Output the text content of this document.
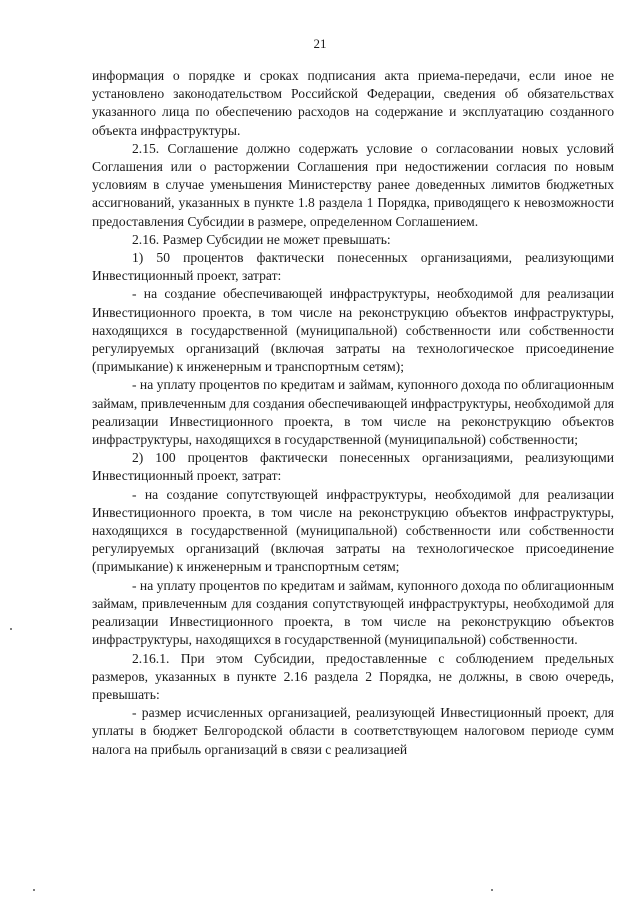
21

информация о порядке и сроках подписания акта приема-передачи, если иное не установлено законодательством Российской Федерации, сведения об обязательствах указанного лица по обеспечению расходов на содержание и эксплуатацию созданного объекта инфраструктуры.

2.15. Соглашение должно содержать условие о согласовании новых условий Соглашения или о расторжении Соглашения при недостижении согласия по новым условиям в случае уменьшения Министерству ранее доведенных лимитов бюджетных ассигнований, указанных в пункте 1.8 раздела 1 Порядка, приводящего к невозможности предоставления Субсидии в размере, определенном Соглашением.

2.16. Размер Субсидии не может превышать:

1) 50 процентов фактически понесенных организациями, реализующими Инвестиционный проект, затрат:

- на создание обеспечивающей инфраструктуры, необходимой для реализации Инвестиционного проекта, в том числе на реконструкцию объектов инфраструктуры, находящихся в государственной (муниципальной) собственности или собственности регулируемых организаций (включая затраты на технологическое присоединение (примыкание) к инженерным и транспортным сетям);

- на уплату процентов по кредитам и займам, купонного дохода по облигационным займам, привлеченным для создания обеспечивающей инфраструктуры, необходимой для реализации Инвестиционного проекта, в том числе на реконструкцию объектов инфраструктуры, находящихся в государственной (муниципальной) собственности;

2) 100 процентов фактически понесенных организациями, реализующими Инвестиционный проект, затрат:

- на создание сопутствующей инфраструктуры, необходимой для реализации Инвестиционного проекта, в том числе на реконструкцию объектов инфраструктуры, находящихся в государственной (муниципальной) собственности или собственности регулируемых организаций (включая затраты на технологическое присоединение (примыкание) к инженерным и транспортным сетям;

- на уплату процентов по кредитам и займам, купонного дохода по облигационным займам, привлеченным для создания сопутствующей инфраструктуры, необходимой для реализации Инвестиционного проекта, в том числе на реконструкцию объектов инфраструктуры, находящихся в государственной (муниципальной) собственности.

2.16.1. При этом Субсидии, предоставленные с соблюдением предельных размеров, указанных в пункте 2.16 раздела 2 Порядка, не должны, в свою очередь, превышать:

- размер исчисленных организацией, реализующей Инвестиционный проект, для уплаты в бюджет Белгородской области в соответствующем налоговом периоде сумм налога на прибыль организаций в связи с реализацией
